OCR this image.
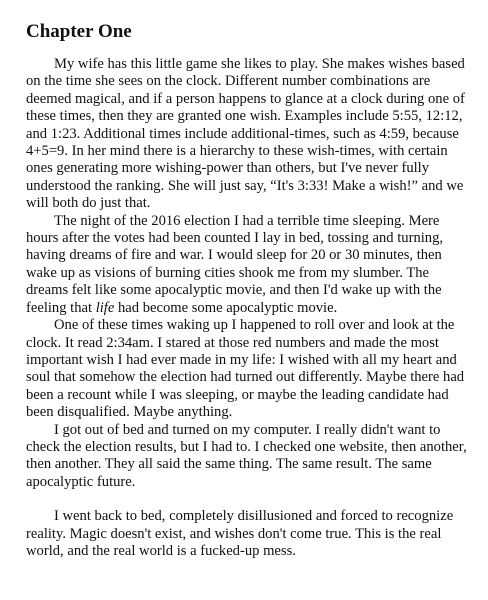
Chapter One

My wife has this little game she likes to play. She makes wishes based on the time she sees on the clock. Different number combinations are deemed magical, and if a person happens to glance at a clock during one of these times, then they are granted one wish. Examples include 5:55, 12:12, and 1:23. Additional times include additional-times, such as 4:59, because 4+5=9. In her mind there is a hierarchy to these wish-times, with certain ones generating more wishing-power than others, but I've never fully understood the ranking. She will just say, “It's 3:33! Make a wish!” and we will both do just that.

The night of the 2016 election I had a terrible time sleeping. Mere hours after the votes had been counted I lay in bed, tossing and turning, having dreams of fire and war. I would sleep for 20 or 30 minutes, then wake up as visions of burning cities shook me from my slumber. The dreams felt like some apocalyptic movie, and then I'd wake up with the feeling that life had become some apocalyptic movie.

One of these times waking up I happened to roll over and look at the clock. It read 2:34am. I stared at those red numbers and made the most important wish I had ever made in my life: I wished with all my heart and soul that somehow the election had turned out differently. Maybe there had been a recount while I was sleeping, or maybe the leading candidate had been disqualified. Maybe anything.

I got out of bed and turned on my computer. I really didn't want to check the election results, but I had to. I checked one website, then another, then another. They all said the same thing. The same result. The same apocalyptic future.

I went back to bed, completely disillusioned and forced to recognize reality. Magic doesn't exist, and wishes don't come true. This is the real world, and the real world is a fucked-up mess.
